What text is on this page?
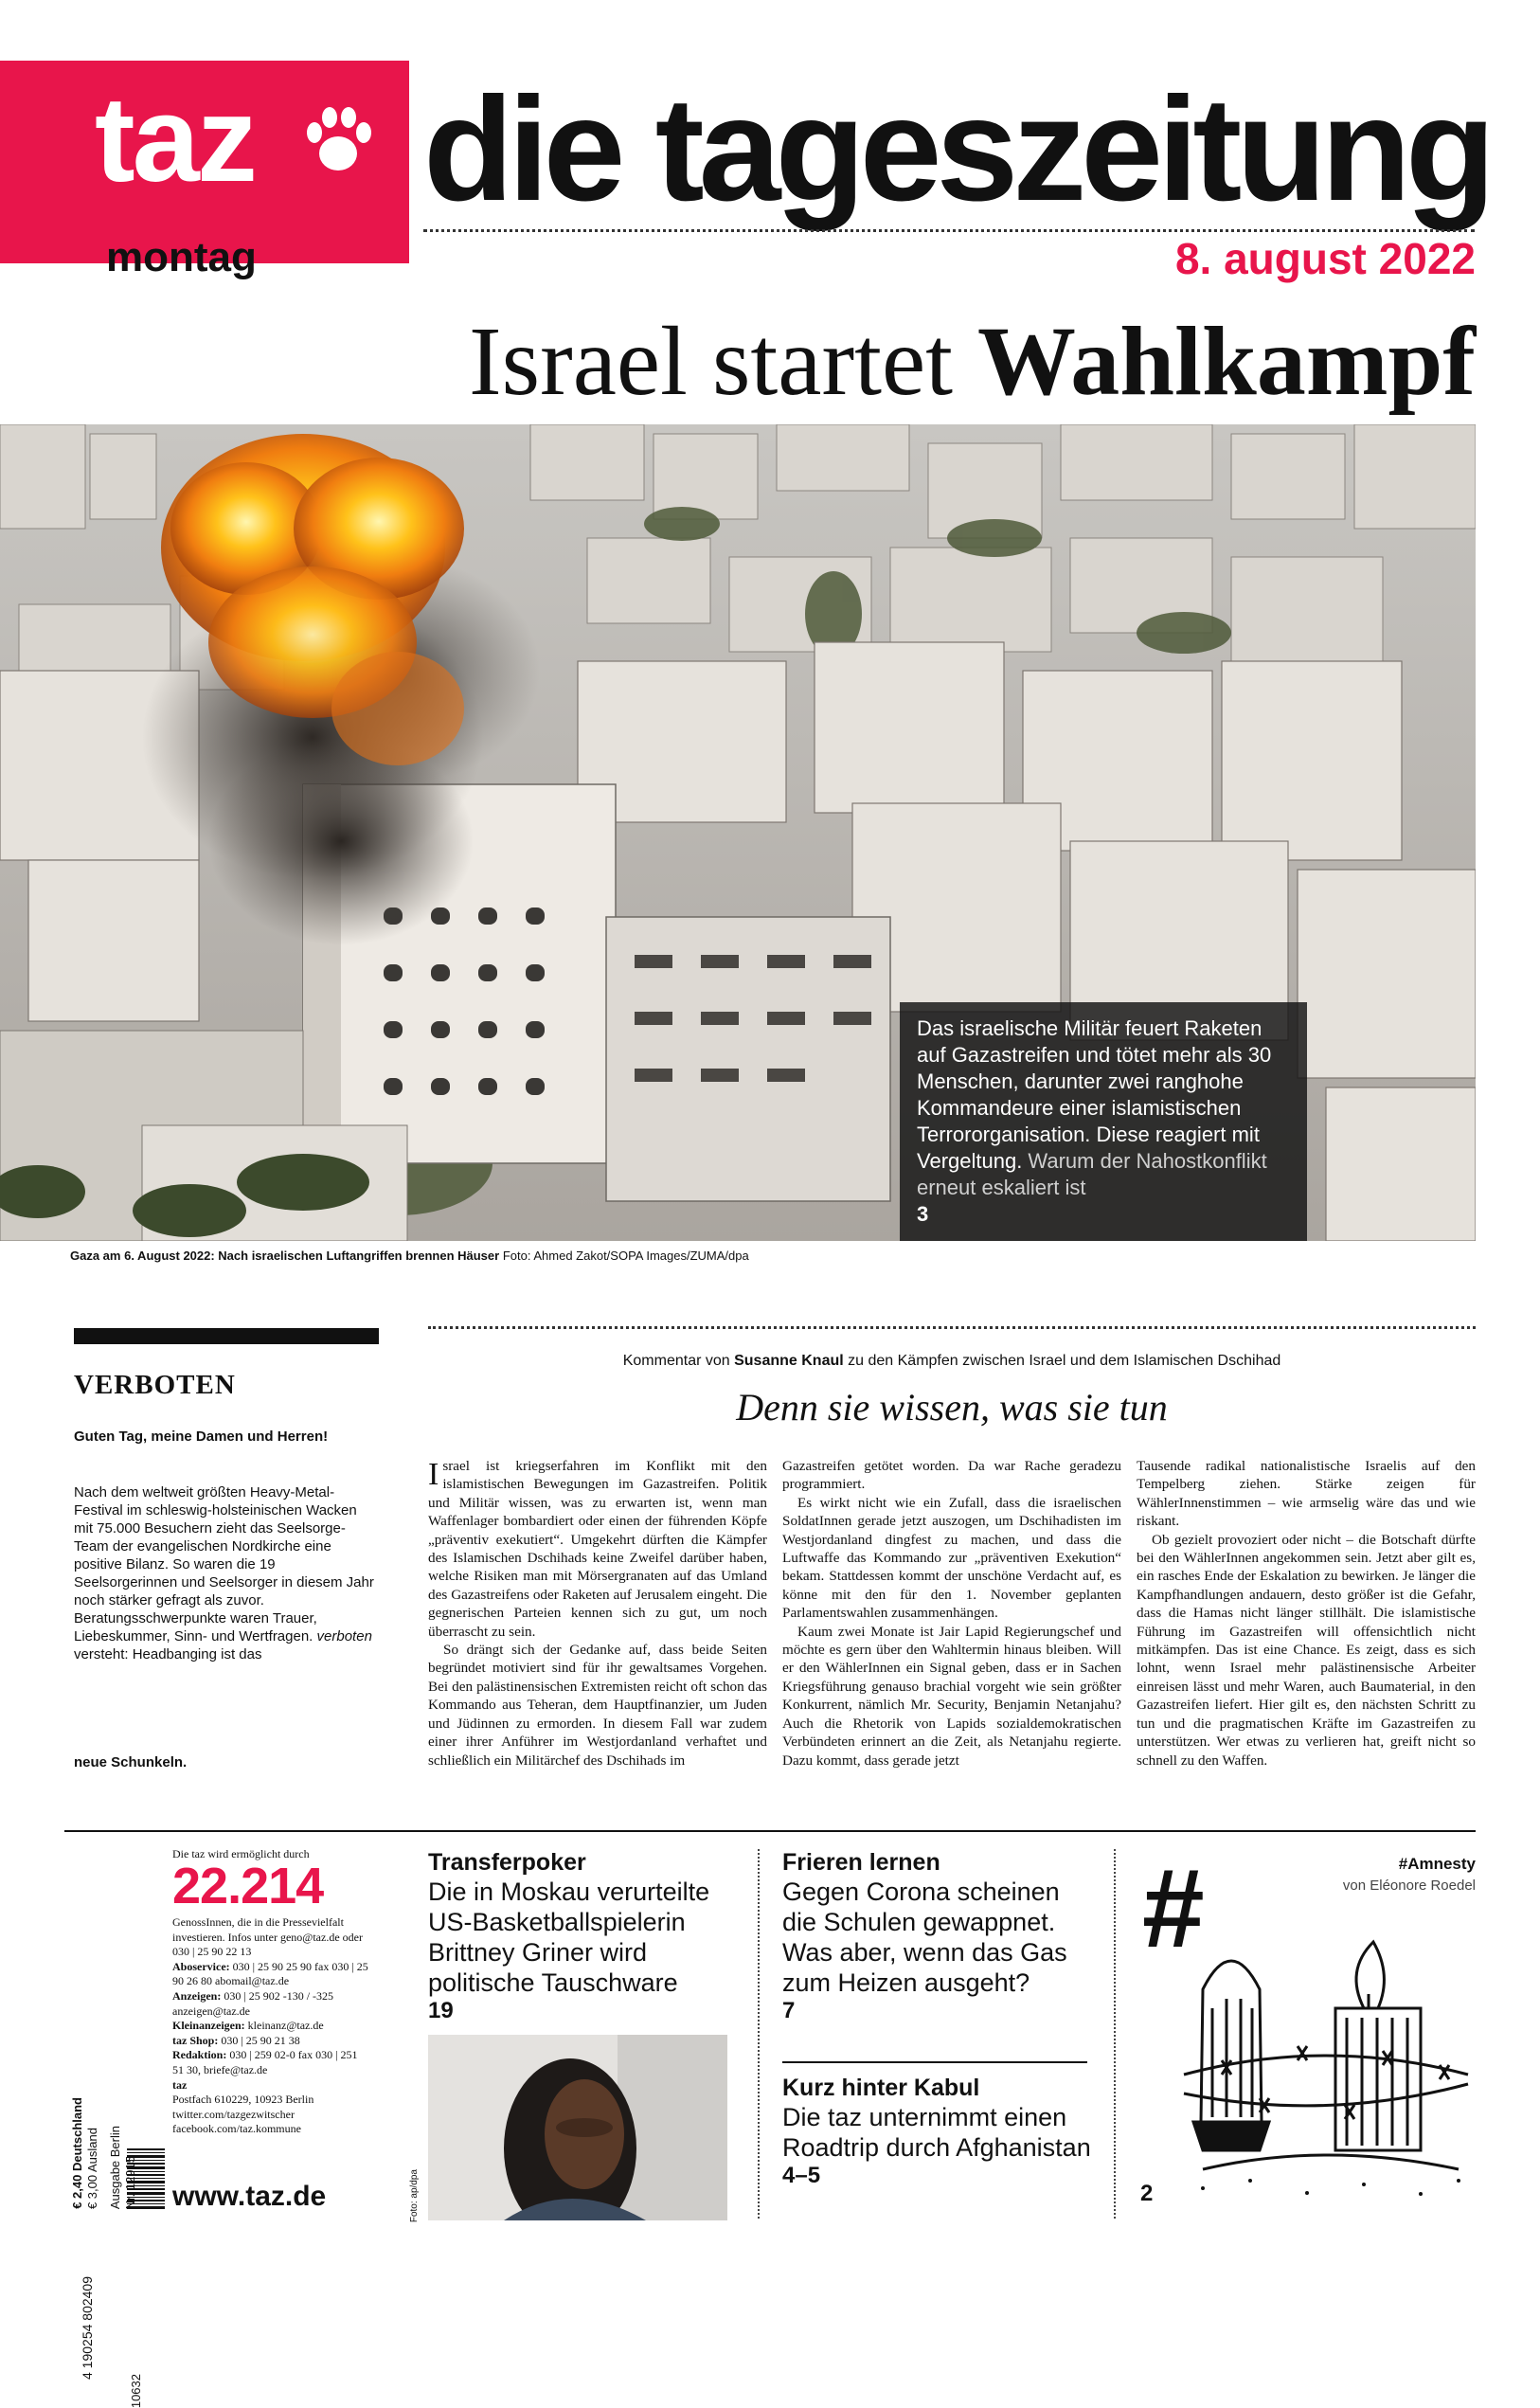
taz die tageszeitung
montag	8. august 2022
Israel startet Wahlkampf
Das israelische Militär feuert Raketen auf Gazastreifen und tötet mehr als 30 Menschen, darunter zwei ranghohe Kommandeure einer islamistischen Terrororganisation. Diese reagiert mit Vergeltung. Warum der Nahostkonflikt erneut eskaliert ist
3
Gaza am 6. August 2022: Nach israelischen Luftangriffen brennen Häuser Foto: Ahmed Zakot/SOPA Images/ZUMA/dpa
VERBOTEN
Guten Tag, meine Damen und Herren!
Nach dem weltweit größten Heavy-Metal-Festival im schleswig-holsteinischen Wacken mit 75.000 Besuchern zieht das Seelsorge-Team der evangelischen Nordkirche eine positive Bilanz. So waren die 19 Seelsorgerinnen und Seelsorger in diesem Jahr noch stärker gefragt als zuvor. Beratungsschwerpunkte waren Trauer, Liebeskummer, Sinn- und Wertfragen. verboten versteht: Headbanging ist das
neue Schunkeln.
Kommentar von Susanne Knaul zu den Kämpfen zwischen Israel und dem Islamischen Dschihad
Denn sie wissen, was sie tun

Israel ist kriegserfahren im Konflikt mit den islamistischen Bewegungen im Gazastreifen. Politik und Militär wissen, was zu erwarten ist, wenn man Waffenlager bombardiert oder einen der führenden Köpfe „präventiv exekutiert“. Umgekehrt dürften die Kämpfer des Islamischen Dschihads keine Zweifel darüber haben, welche Risiken man mit Mörsergranaten auf das Umland des Gazastreifens oder Raketen auf Jerusalem eingeht. Die gegnerischen Parteien kennen sich zu gut, um noch überrascht zu sein.

So drängt sich der Gedanke auf, dass beide Seiten begründet motiviert sind für ihr gewaltsames Vorgehen. Bei den palästinensischen Extremisten reicht oft schon das Kommando aus Teheran, dem Hauptfinanzier, um Juden und Jüdinnen zu ermorden. In diesem Fall war zudem einer ihrer Anführer im Westjordanland verhaftet und schließlich ein Militärchef des Dschihads im

Gazastreifen getötet worden. Da war Rache geradezu programmiert.

Es wirkt nicht wie ein Zufall, dass die israelischen SoldatInnen gerade jetzt auszogen, um Dschihadisten im Westjordanland dingfest zu machen, und dass die Luftwaffe das Kommando zur „präventiven Exekution“ bekam. Stattdessen kommt der unschöne Verdacht auf, es könne mit den für den 1. November geplanten Parlamentswahlen zusammenhängen.

Kaum zwei Monate ist Jair Lapid Regierungschef und möchte es gern über den Wahltermin hinaus bleiben. Will er den WählerInnen ein Signal geben, dass er in Sachen Kriegsführung genauso brachial vorgeht wie sein größter Konkurrent, nämlich Mr. Security, Benjamin Netanjahu? Auch die Rhetorik von Lapids sozialdemokratischen Verbündeten erinnert an die Zeit, als Netanjahu regierte. Dazu kommt, dass gerade jetzt

Tausende radikal nationalistische Israelis auf den Tempelberg ziehen. Stärke zeigen für WählerInnenstimmen – wie armselig wäre das und wie riskant.

Ob gezielt provoziert oder nicht – die Botschaft dürfte bei den WählerInnen angekommen sein. Jetzt aber gilt es, ein rasches Ende der Eskalation zu bewirken. Je länger die Kampfhandlungen andauern, desto größer ist die Gefahr, dass die Hamas nicht länger stillhält. Die islamistische Führung im Gazastreifen will offensichtlich nicht mitkämpfen. Das ist eine Chance. Es zeigt, dass es sich lohnt, wenn Israel mehr palästinensische Arbeiter einreisen lässt und mehr Waren, auch Baumaterial, in den Gazastreifen liefert. Hier gilt es, den nächsten Schritt zu tun und die pragmatischen Kräfte im Gazastreifen zu unterstützen. Wer etwas zu verlieren hat, greift nicht so schnell zu den Waffen.

€ 2,40 Deutschland € 3,00 Ausland Ausgabe Berlin 12915
4 190254 802409
10632
Die taz wird ermöglicht durch
22.214
GenossInnen, die in die Pressevielfalt investieren. Infos unter geno@taz.de oder 030 | 25 90 22 13
Aboservice: 030 | 25 90 25 90 fax 030 | 25 90 26 80 abomail@taz.de
Anzeigen: 030 | 25 902 -130 / -325 anzeigen@taz.de
Kleinanzeigen: kleinanz@taz.de
taz Shop: 030 | 25 90 21 38
Redaktion: 030 | 259 02-0 fax 030 | 251 51 30, briefe@taz.de
taz
Postfach 610229, 10923 Berlin twitter.com/tazgezwitscher facebook.com/taz.kommune
www.taz.de
Transferpoker
Die in Moskau verurteilte US-Basketballspielerin Brittney Griner wird politische Tauschware
19
Foto: ap/dpa
Frieren lernen
Gegen Corona scheinen die Schulen gewappnet. Was aber, wenn das Gas zum Heizen ausgeht?
7
Kurz hinter Kabul
Die taz unternimmt einen Roadtrip durch Afghanistan
4–5
#	#Amnesty
von Eléonore Roedel
2
